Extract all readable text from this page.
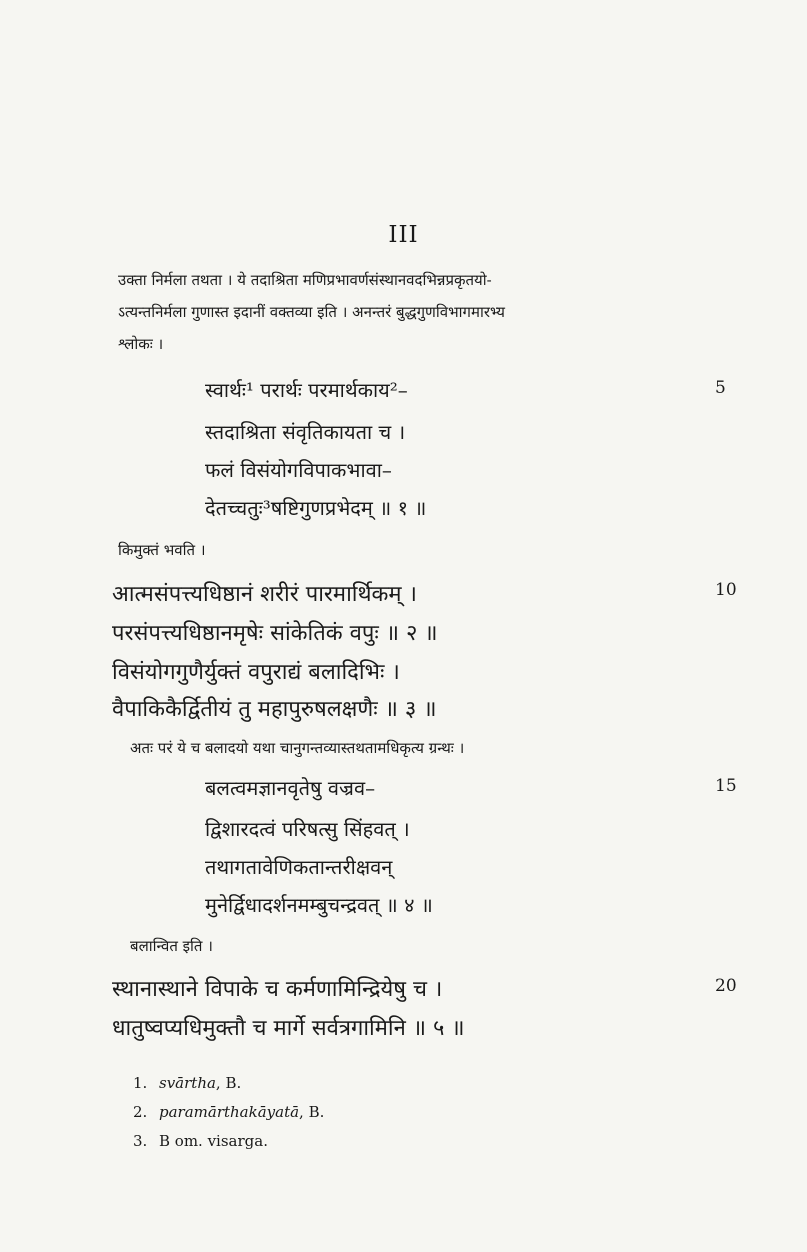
III
उक्ता निर्मला तथता । ये तदाश्रिता मणिप्रभावर्णसंस्थानवदभिन्नप्रकृतयो-
ऽत्यन्तनिर्मला गुणास्त इदानीं वक्तव्या इति । अनन्तरं बुद्धगुणविभागमारभ्य
श्लोकः ।
स्वार्थः¹ परार्थः परमार्थकाय²–	5
स्तदाश्रिता संवृतिकायता च ।
फलं विसंयोगविपाकभावा–
देतच्चतुः³षष्टिगुणप्रभेदम् ॥ १ ॥
किमुक्तं भवति ।
आत्मसंपत्त्यधिष्ठानं शरीरं पारमार्थिकम् ।	10
परसंपत्त्यधिष्ठानमृषेः सांकेतिकं वपुः ॥ २ ॥
विसंयोगगुणैर्युक्तं वपुराद्यं बलादिभिः ।
वैपाकिकैर्द्वितीयं तु महापुरुषलक्षणैः ॥ ३ ॥
अतः परं ये च बलादयो यथा चानुगन्तव्यास्तथतामधिकृत्य ग्रन्थः ।
बलत्वमज्ञानवृतेषु वज्रव–	15
द्विशारदत्वं परिषत्सु सिंहवत् ।
तथागतावेणिकतान्तरीक्षवन्
मुनेर्द्विधादर्शनमम्बुचन्द्रवत् ॥ ४ ॥
बलान्वित इति ।
स्थानास्थाने विपाके च कर्मणामिन्द्रियेषु च ।	20
धातुष्वप्यधिमुक्तौ च मार्गे सर्वत्रगामिनि ॥ ५ ॥
1. svārtha, B.
2. paramārthakāyatā, B.
3. B om. visarga.
